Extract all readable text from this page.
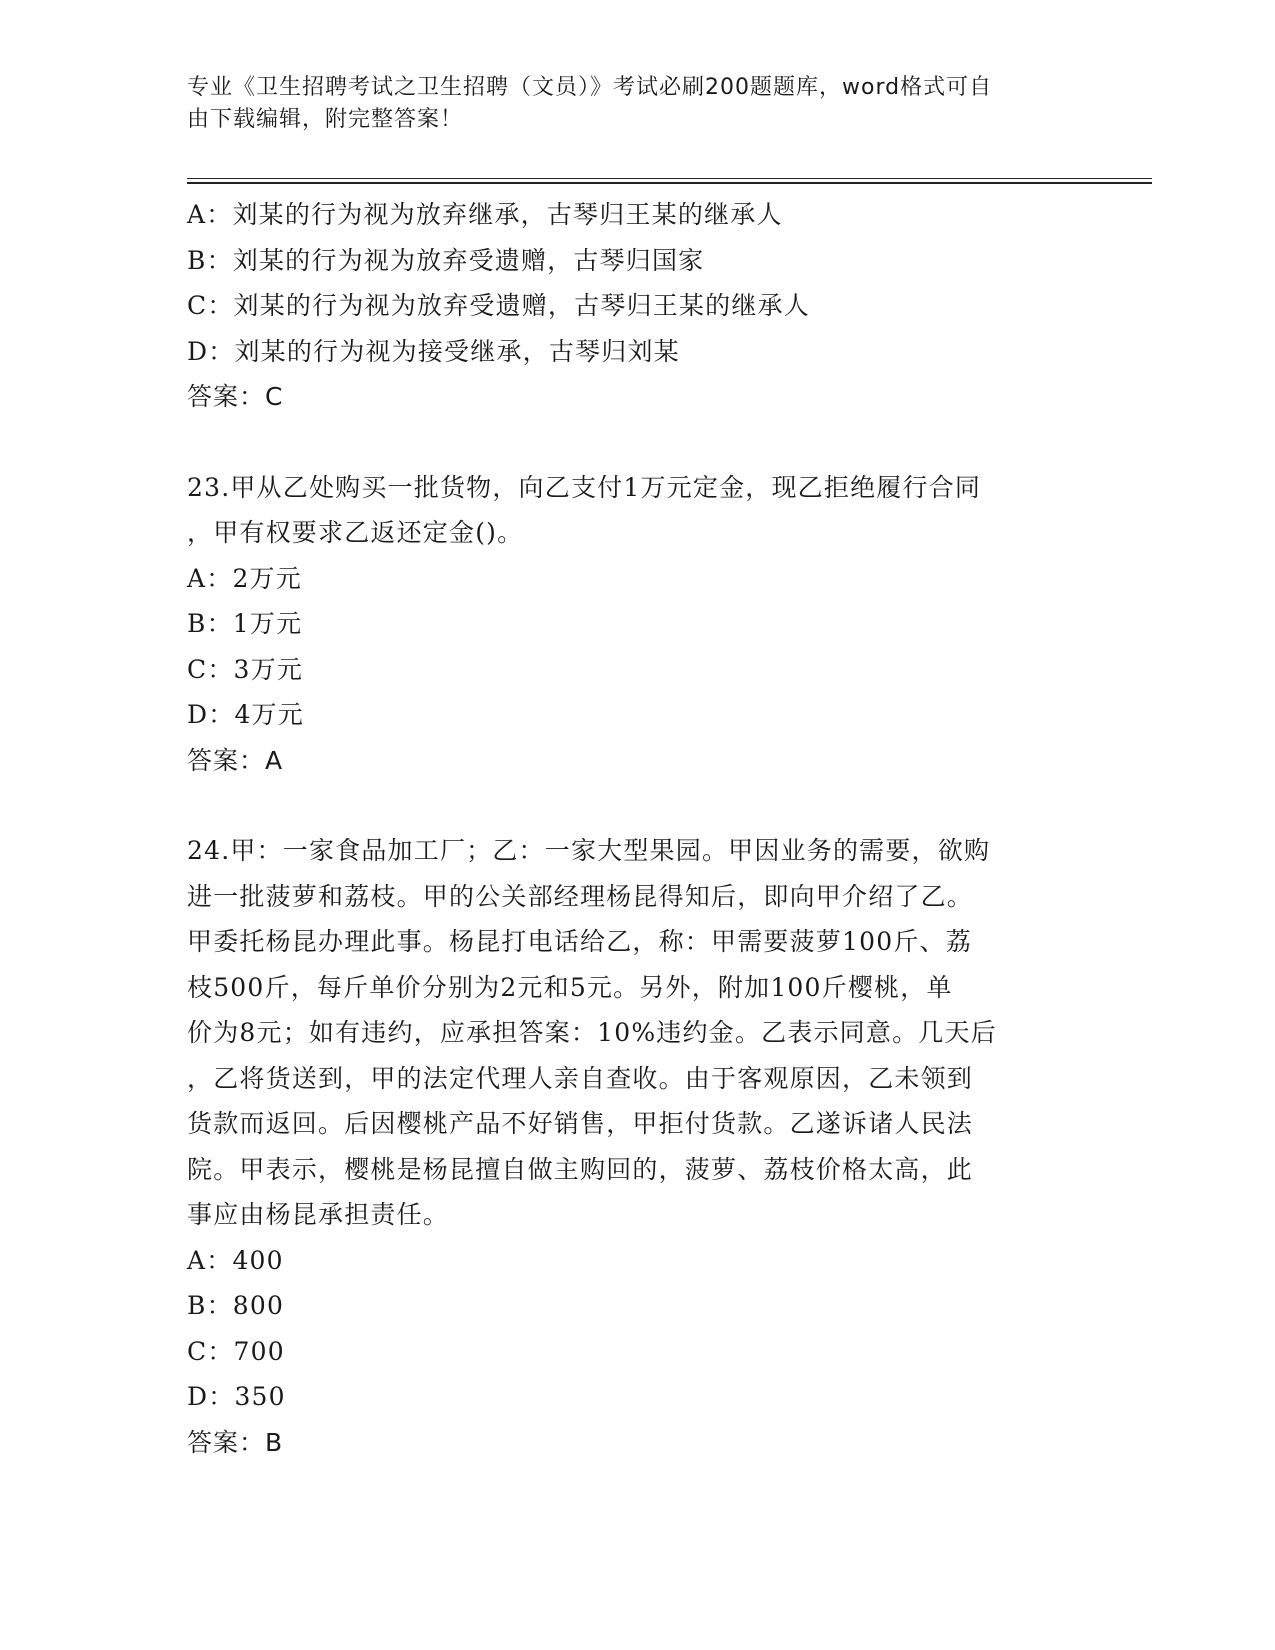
专业《卫生招聘考试之卫生招聘（文员）》考试必刷200题题库，word格式可自
由下载编辑，附完整答案！
A：刘某的行为视为放弃继承，古琴归王某的继承人
B：刘某的行为视为放弃受遗赠，古琴归国家
C：刘某的行为视为放弃受遗赠，古琴归王某的继承人
D：刘某的行为视为接受继承，古琴归刘某
答案：C
23.甲从乙处购买一批货物，向乙支付1万元定金，现乙拒绝履行合同
，甲有权要求乙返还定金()。
A：2万元
B：1万元
C：3万元
D：4万元
答案：A
24.甲：一家食品加工厂；乙：一家大型果园。甲因业务的需要，欲购
进一批菠萝和荔枝。甲的公关部经理杨昆得知后，即向甲介绍了乙。
甲委托杨昆办理此事。杨昆打电话给乙，称：甲需要菠萝100斤、荔
枝500斤，每斤单价分别为2元和5元。另外，附加100斤樱桃，单
价为8元；如有违约，应承担答案：10%违约金。乙表示同意。几天后
，乙将货送到，甲的法定代理人亲自查收。由于客观原因，乙未领到
货款而返回。后因樱桃产品不好销售，甲拒付货款。乙遂诉诸人民法
院。甲表示，樱桃是杨昆擅自做主购回的，菠萝、荔枝价格太高，此
事应由杨昆承担责任。
A：400
B：800
C：700
D：350
答案：B
